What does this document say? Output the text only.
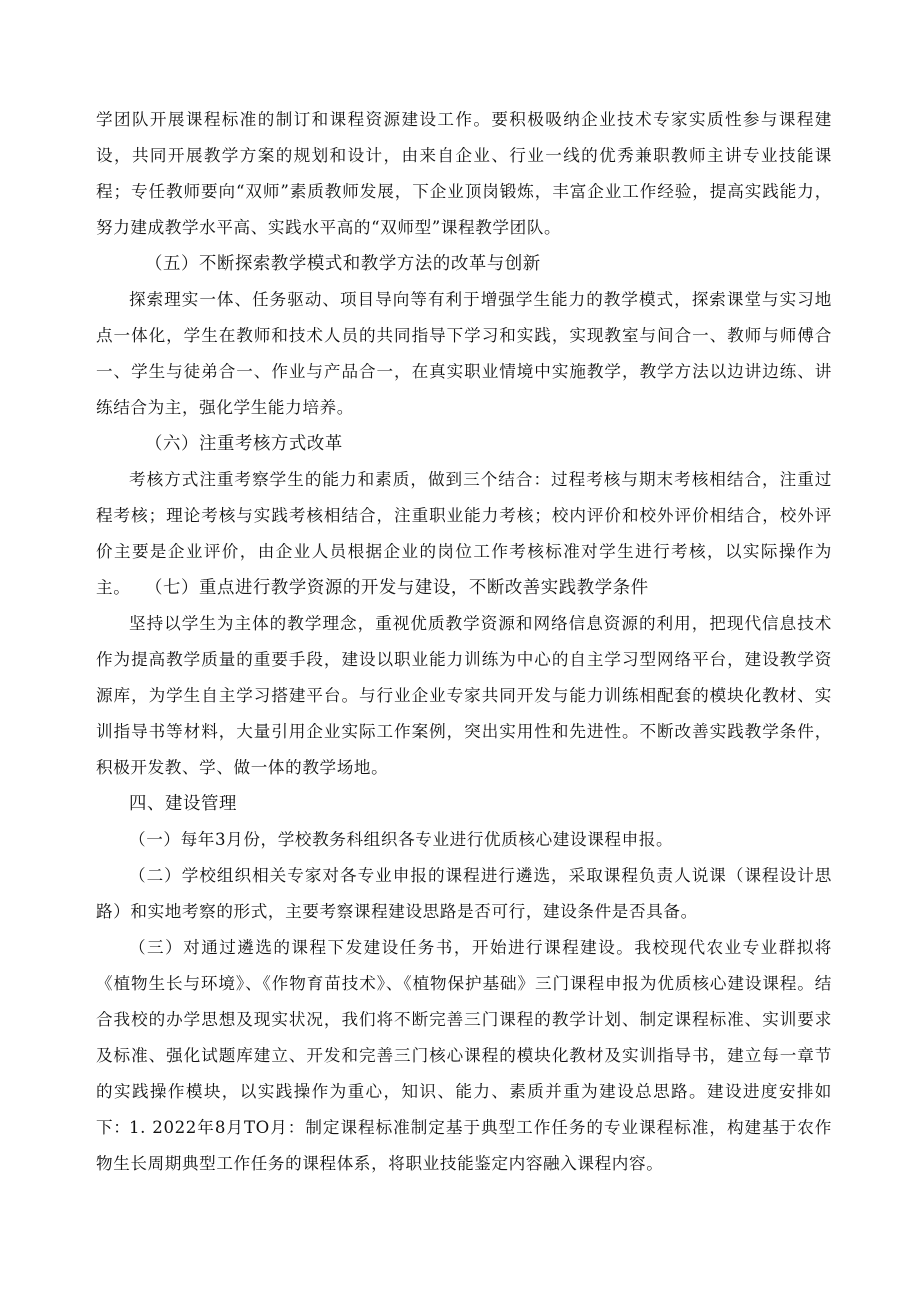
学团队开展课程标准的制订和课程资源建设工作。要积极吸纳企业技术专家实质性参与课程建设，共同开展教学方案的规划和设计，由来自企业、行业一线的优秀兼职教师主讲专业技能课程；专任教师要向“双师”素质教师发展，下企业顶岗锻炼，丰富企业工作经验，提高实践能力，努力建成教学水平高、实践水平高的“双师型”课程教学团队。

（五）不断探索教学模式和教学方法的改革与创新

探索理实一体、任务驱动、项目导向等有利于增强学生能力的教学模式，探索课堂与实习地点一体化，学生在教师和技术人员的共同指导下学习和实践，实现教室与间合一、教师与师傅合一、学生与徒弟合一、作业与产品合一，在真实职业情境中实施教学，教学方法以边讲边练、讲练结合为主，强化学生能力培养。

（六）注重考核方式改革

考核方式注重考察学生的能力和素质，做到三个结合：过程考核与期末考核相结合，注重过程考核；理论考核与实践考核相结合，注重职业能力考核；校内评价和校外评价相结合，校外评价主要是企业评价，由企业人员根据企业的岗位工作考核标准对学生进行考核，以实际操作为主。 （七）重点进行教学资源的开发与建设，不断改善实践教学条件

坚持以学生为主体的教学理念，重视优质教学资源和网络信息资源的利用，把现代信息技术作为提高教学质量的重要手段，建设以职业能力训练为中心的自主学习型网络平台，建设教学资源库，为学生自主学习搭建平台。与行业企业专家共同开发与能力训练相配套的模块化教材、实训指导书等材料，大量引用企业实际工作案例，突出实用性和先进性。不断改善实践教学条件，积极开发教、学、做一体的教学场地。

四、建设管理

（一）每年3月份，学校教务科组织各专业进行优质核心建设课程申报。

（二）学校组织相关专家对各专业申报的课程进行遴选，采取课程负责人说课（课程设计思路）和实地考察的形式，主要考察课程建设思路是否可行，建设条件是否具备。

（三）对通过遴选的课程下发建设任务书，开始进行课程建设。我校现代农业专业群拟将《植物生长与环境》、《作物育苗技术》、《植物保护基础》三门课程申报为优质核心建设课程。结合我校的办学思想及现实状况，我们将不断完善三门课程的教学计划、制定课程标准、实训要求及标准、强化试题库建立、开发和完善三门核心课程的模块化教材及实训指导书，建立每一章节的实践操作模块，以实践操作为重心，知识、能力、素质并重为建设总思路。建设进度安排如下：

1. 2022年8月TO月：制定课程标准制定基于典型工作任务的专业课程标准，构建基于农作物生长周期典型工作任务的课程体系，将职业技能鉴定内容融入课程内容。
